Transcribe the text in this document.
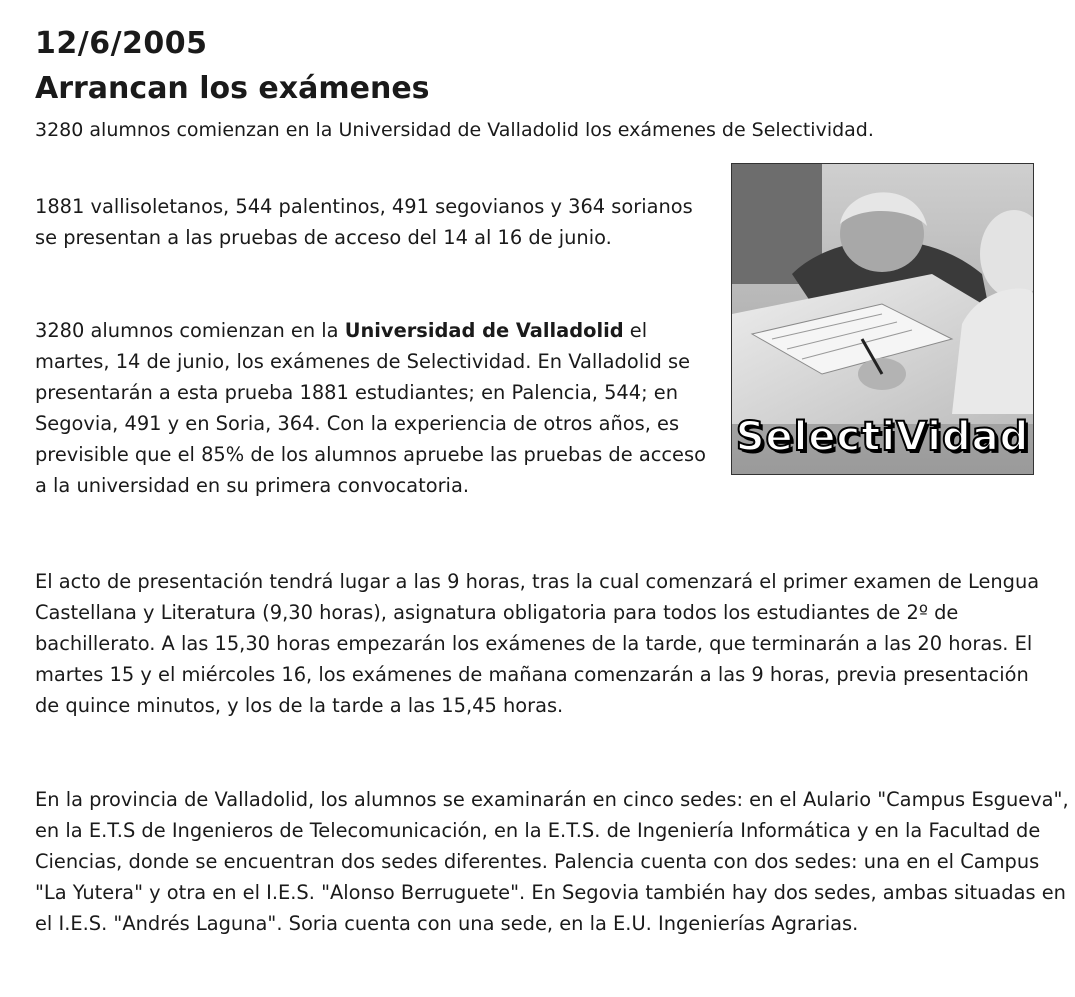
12/6/2005
Arrancan los exámenes

3280 alumnos comienzan en la Universidad de Valladolid los exámenes de Selectividad.

1881 vallisoletanos, 544 palentinos, 491 segovianos y 364 sorianos se presentan a las pruebas de acceso del 14 al 16 de junio.

3280 alumnos comienzan en la Universidad de Valladolid el martes, 14 de junio, los exámenes de Selectividad. En Valladolid se presentarán a esta prueba 1881 estudiantes; en Palencia, 544; en Segovia, 491 y en Soria, 364. Con la experiencia de otros años, es previsible que el 85% de los alumnos apruebe las pruebas de acceso a la universidad en su primera convocatoria.

SelectiVidad

El acto de presentación tendrá lugar a las 9 horas, tras la cual comenzará el primer examen de Lengua Castellana y Literatura (9,30 horas), asignatura obligatoria para todos los estudiantes de 2º de bachillerato. A las 15,30 horas empezarán los exámenes de la tarde, que terminarán a las 20 horas. El martes 15 y el miércoles 16, los exámenes de mañana comenzarán a las 9 horas, previa presentación de quince minutos, y los de la tarde a las 15,45 horas.

En la provincia de Valladolid, los alumnos se examinarán en cinco sedes: en el Aulario "Campus Esgueva", en la E.T.S de Ingenieros de Telecomunicación, en la E.T.S. de Ingeniería Informática y en la Facultad de Ciencias, donde se encuentran dos sedes diferentes. Palencia cuenta con dos sedes: una en el Campus "La Yutera" y otra en el I.E.S. "Alonso Berruguete". En Segovia también hay dos sedes, ambas situadas en el I.E.S. "Andrés Laguna". Soria cuenta con una sede, en la E.U. Ingenierías Agrarias.
